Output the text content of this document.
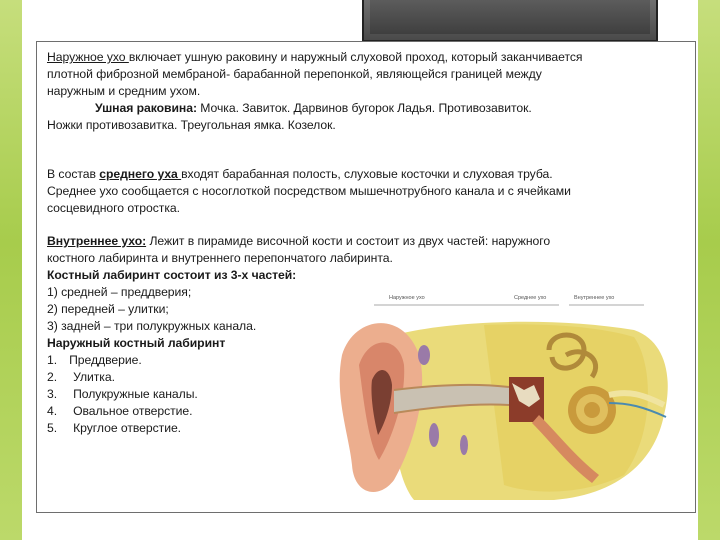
Наружное ухо включает ушную раковину и наружный слуховой проход, который заканчивается
плотной фиброзной мембраной- барабанной перепонкой, являющейся границей между
наружным и средним ухом.
Ушная раковина: Мочка. Завиток. Дарвинов бугорок Ладья. Противозавиток.
Ножки противозавитка. Треугольная ямка. Козелок.
В состав среднего уха входят барабанная полость, слуховые косточки и слуховая труба.
Среднее ухо сообщается с носоглоткой посредством мышечнотрубного канала и с ячейками
сосцевидного отростка.
Внутреннее ухо: Лежит в пирамиде височной кости и состоит из двух частей: наружного
костного лабиринта и внутреннего перепончатого лабиринта.
Костный лабиринт состоит из 3-х частей:
1) средней – преддверия;
2) передней – улитки;
3) задней – три полукружных канала.
Наружный костный лабиринт
1. Преддверие.
2. Улитка.
3. Полукружные каналы.
4. Овальное отверстие.
5. Круглое отверстие.
Наружное ухо	Среднее ухо	Внутреннее ухо
